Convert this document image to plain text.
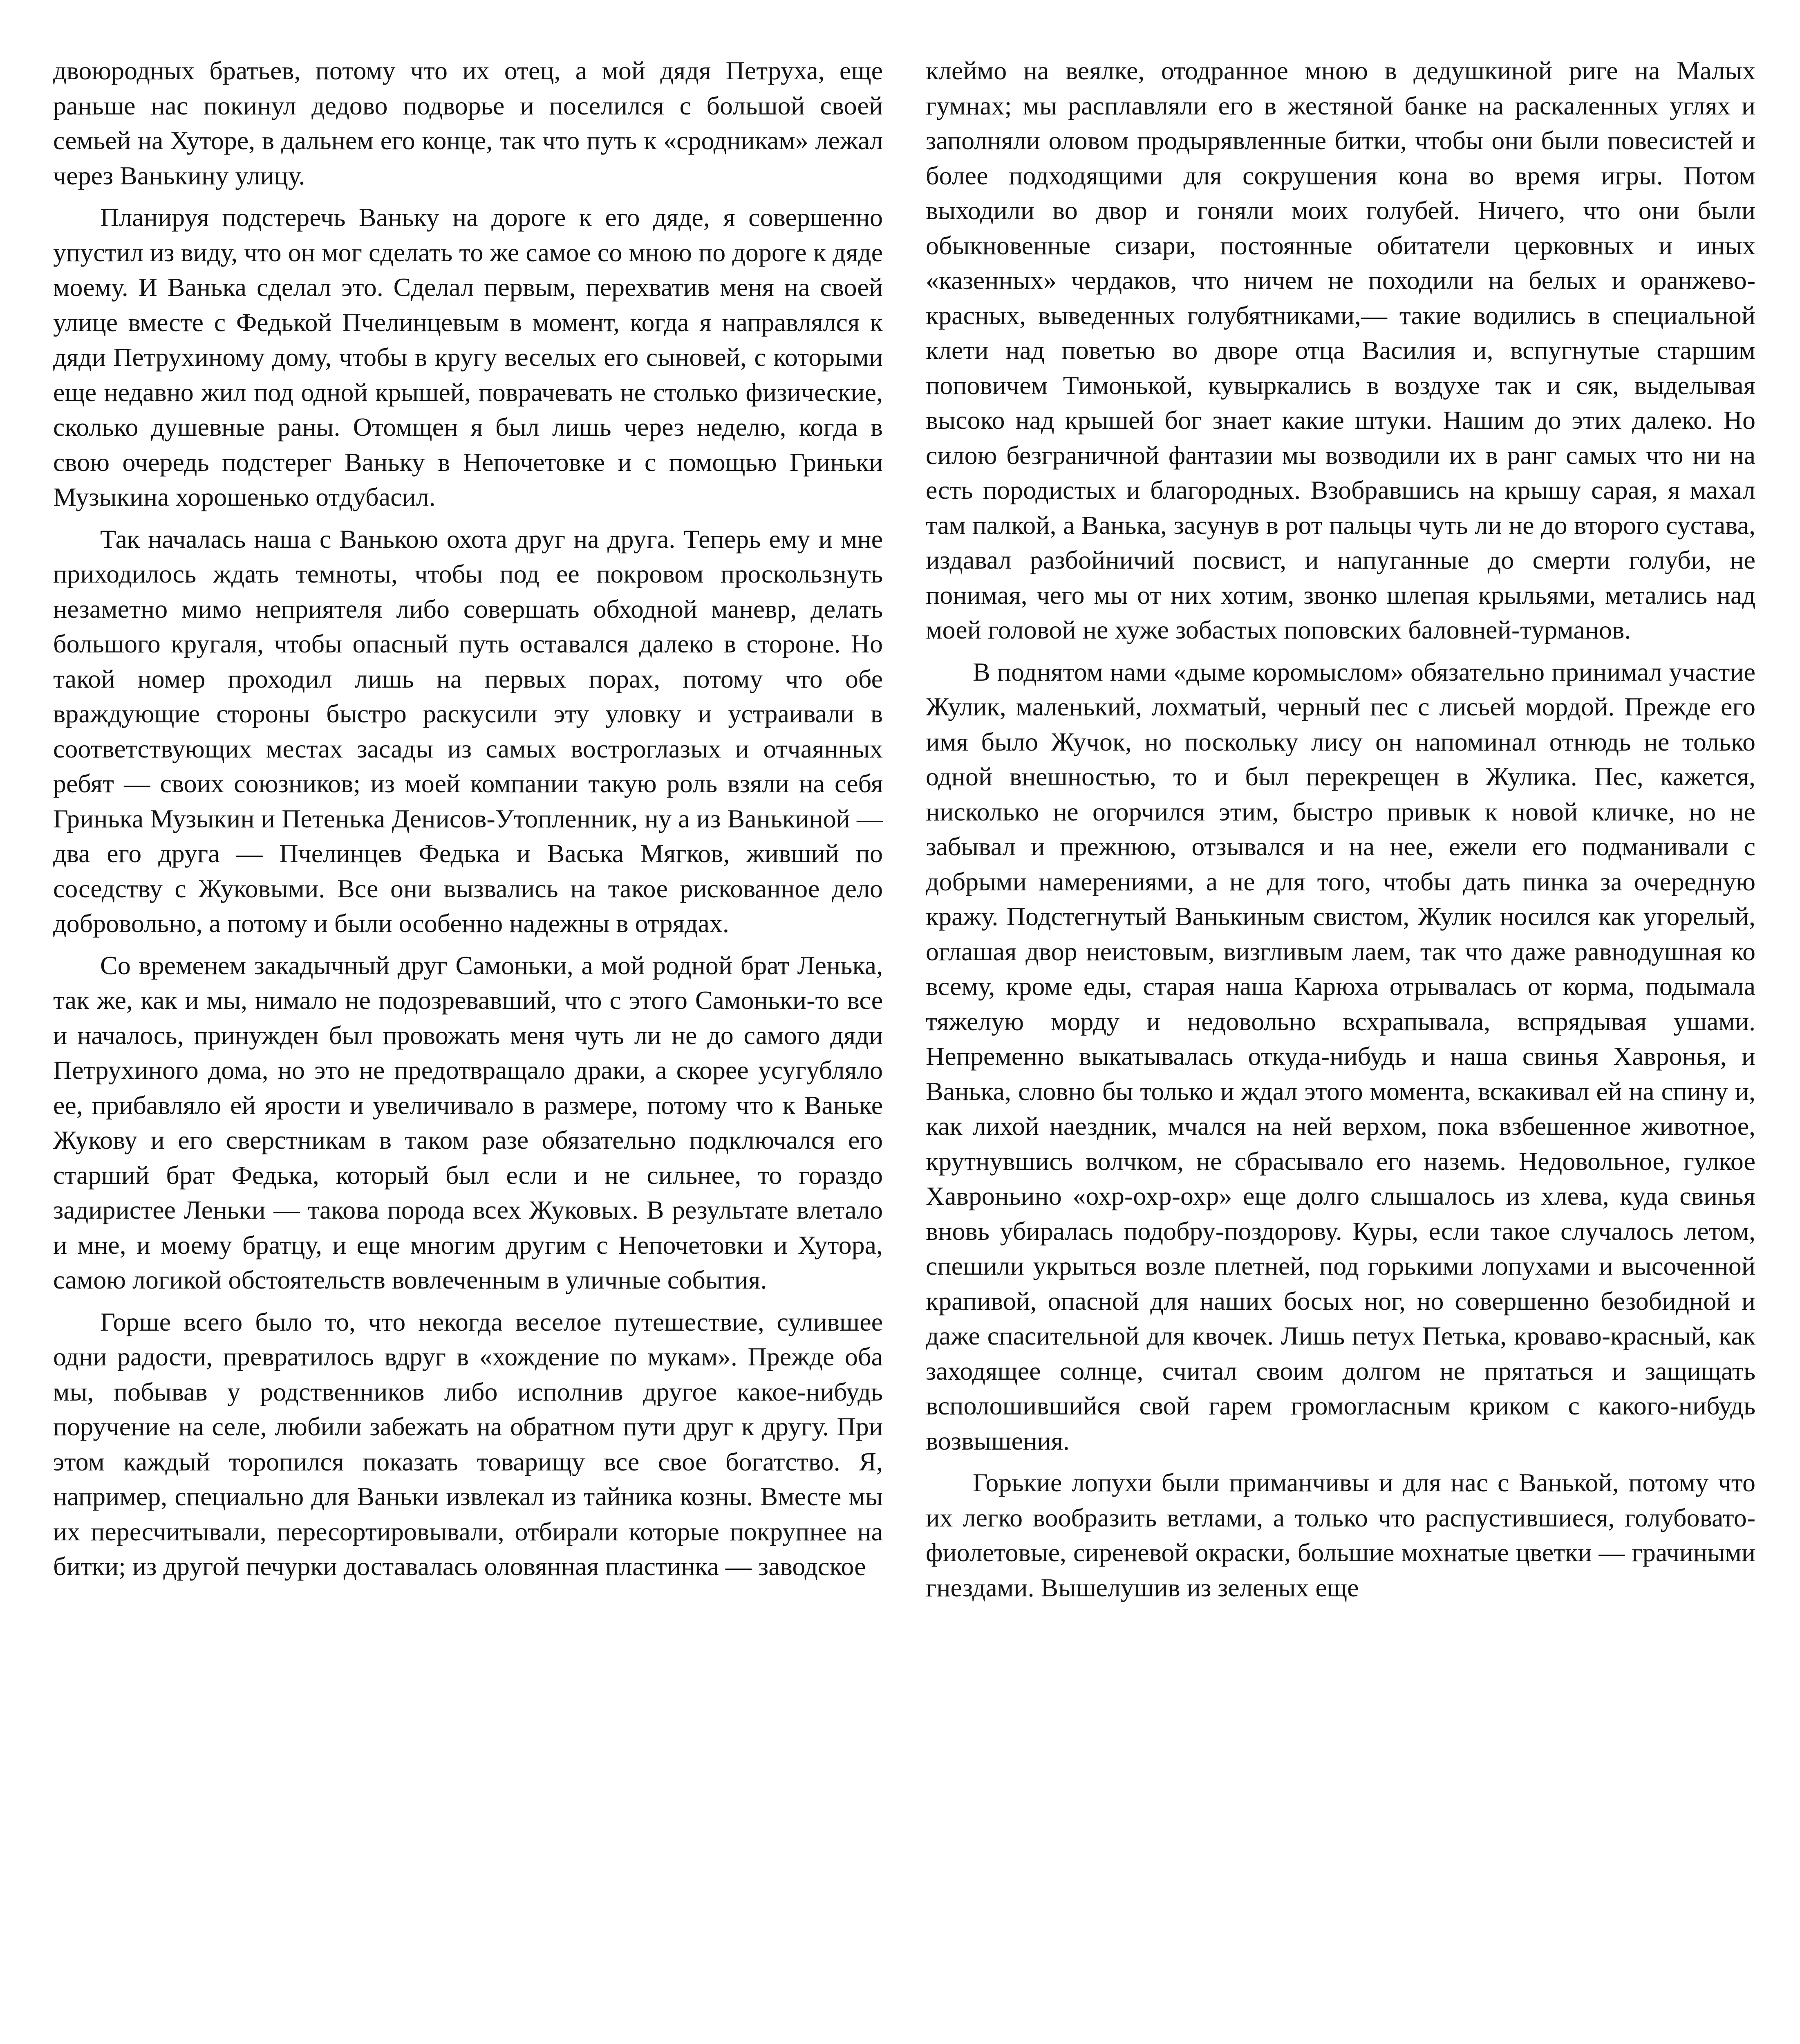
двоюродных братьев, потому что их отец, а мой дядя Петруха, еще раньше нас покинул дедово подворье и поселился с большой своей семьей на Хуторе, в дальнем его конце, так что путь к «сродникам» лежал через Ванькину улицу.

Планируя подстеречь Ваньку на дороге к его дяде, я совершенно упустил из виду, что он мог сделать то же самое со мною по дороге к дяде моему. И Ванька сделал это. Сделал первым, перехватив меня на своей улице вместе с Федькой Пчелинцевым в момент, когда я направлялся к дяди Петрухиному дому, чтобы в кругу веселых его сыновей, с которыми еще недавно жил под одной крышей, поврачевать не столько физические, сколько душевные раны. Отомщен я был лишь через неделю, когда в свою очередь подстерег Ваньку в Непочетовке и с помощью Гриньки Музыкина хорошенько отдубасил.

Так началась наша с Ванькою охота друг на друга. Теперь ему и мне приходилось ждать темноты, чтобы под ее покровом проскользнуть незаметно мимо неприятеля либо совершать обходной маневр, делать большого кругаля, чтобы опасный путь оставался далеко в стороне. Но такой номер проходил лишь на первых порах, потому что обе враждующие стороны быстро раскусили эту уловку и устраивали в соответствующих местах засады из самых востроглазых и отчаянных ребят — своих союзников; из моей компании такую роль взяли на себя Гринька Музыкин и Петенька Денисов-Утопленник, ну а из Ванькиной — два его друга — Пчелинцев Федька и Васька Мягков, живший по соседству с Жуковыми. Все они вызвались на такое рискованное дело добровольно, а потому и были особенно надежны в отрядах.

Со временем закадычный друг Самоньки, а мой родной брат Ленька, так же, как и мы, нимало не подозревавший, что с этого Самоньки-то все и началось, принужден был провожать меня чуть ли не до самого дяди Петрухиного дома, но это не предотвращало драки, а скорее усугубляло ее, прибавляло ей ярости и увеличивало в размере, потому что к Ваньке Жукову и его сверстникам в таком разе обязательно подключался его старший брат Федька, который был если и не сильнее, то гораздо задиристее Леньки — такова порода всех Жуковых. В результате влетало и мне, и моему братцу, и еще многим другим с Непочетовки и Хутора, самою логикой обстоятельств вовлеченным в уличные события.

Горше всего было то, что некогда веселое путешествие, сулившее одни радости, превратилось вдруг в «хождение по мукам». Прежде оба мы, побывав у родственников либо исполнив другое какое-нибудь поручение на селе, любили забежать на обратном пути друг к другу. При этом каждый торопился показать товарищу все свое богатство. Я, например, специально для Ваньки извлекал из тайника козны. Вместе мы их пересчитывали, пересортировывали, отбирали которые покрупнее на битки; из другой печурки доставалась оловянная пластинка — заводское

клеймо на веялке, отодранное мною в дедушкиной риге на Малых гумнах; мы расплавляли его в жестяной банке на раскаленных углях и заполняли оловом продырявленные битки, чтобы они были повесистей и более подходящими для сокрушения кона во время игры. Потом выходили во двор и гоняли моих голубей. Ничего, что они были обыкновенные сизари, постоянные обитатели церковных и иных «казенных» чердаков, что ничем не походили на белых и оранжево-красных, выведенных голубятниками,— такие водились в специальной клети над поветью во дворе отца Василия и, вспугнутые старшим поповичем Тимонькой, кувыркались в воздухе так и сяк, выделывая высоко над крышей бог знает какие штуки. Нашим до этих далеко. Но силою безграничной фантазии мы возводили их в ранг самых что ни на есть породистых и благородных. Взобравшись на крышу сарая, я махал там палкой, а Ванька, засунув в рот пальцы чуть ли не до второго сустава, издавал разбойничий посвист, и напуганные до смерти голуби, не понимая, чего мы от них хотим, звонко шлепая крыльями, метались над моей головой не хуже зобастых поповских баловней-турманов.

В поднятом нами «дыме коромыслом» обязательно принимал участие Жулик, маленький, лохматый, черный пес с лисьей мордой. Прежде его имя было Жучок, но поскольку лису он напоминал отнюдь не только одной внешностью, то и был перекрещен в Жулика. Пес, кажется, нисколько не огорчился этим, быстро привык к новой кличке, но не забывал и прежнюю, отзывался и на нее, ежели его подманивали с добрыми намерениями, а не для того, чтобы дать пинка за очередную кражу. Подстегнутый Ванькиным свистом, Жулик носился как угорелый, оглашая двор неистовым, визгливым лаем, так что даже равнодушная ко всему, кроме еды, старая наша Карюха отрывалась от корма, подымала тяжелую морду и недовольно всхрапывала, вспрядывая ушами. Непременно выкатывалась откуда-нибудь и наша свинья Хавронья, и Ванька, словно бы только и ждал этого момента, вскакивал ей на спину и, как лихой наездник, мчался на ней верхом, пока взбешенное животное, крутнувшись волчком, не сбрасывало его наземь. Недовольное, гулкое Хавроньино «охр-охр-охр» еще долго слышалось из хлева, куда свинья вновь убиралась подобру-поздорову. Куры, если такое случалось летом, спешили укрыться возле плетней, под горькими лопухами и высоченной крапивой, опасной для наших босых ног, но совершенно безобидной и даже спасительной для квочек. Лишь петух Петька, кроваво-красный, как заходящее солнце, считал своим долгом не прятаться и защищать всполошившийся свой гарем громогласным криком с какого-нибудь возвышения.

Горькие лопухи были приманчивы и для нас с Ванькой, потому что их легко вообразить ветлами, а только что распустившиеся, голубовато-фиолетовые, сиреневой окраски, большие мохнатые цветки — грачиными гнездами. Вышелушив из зеленых еще
